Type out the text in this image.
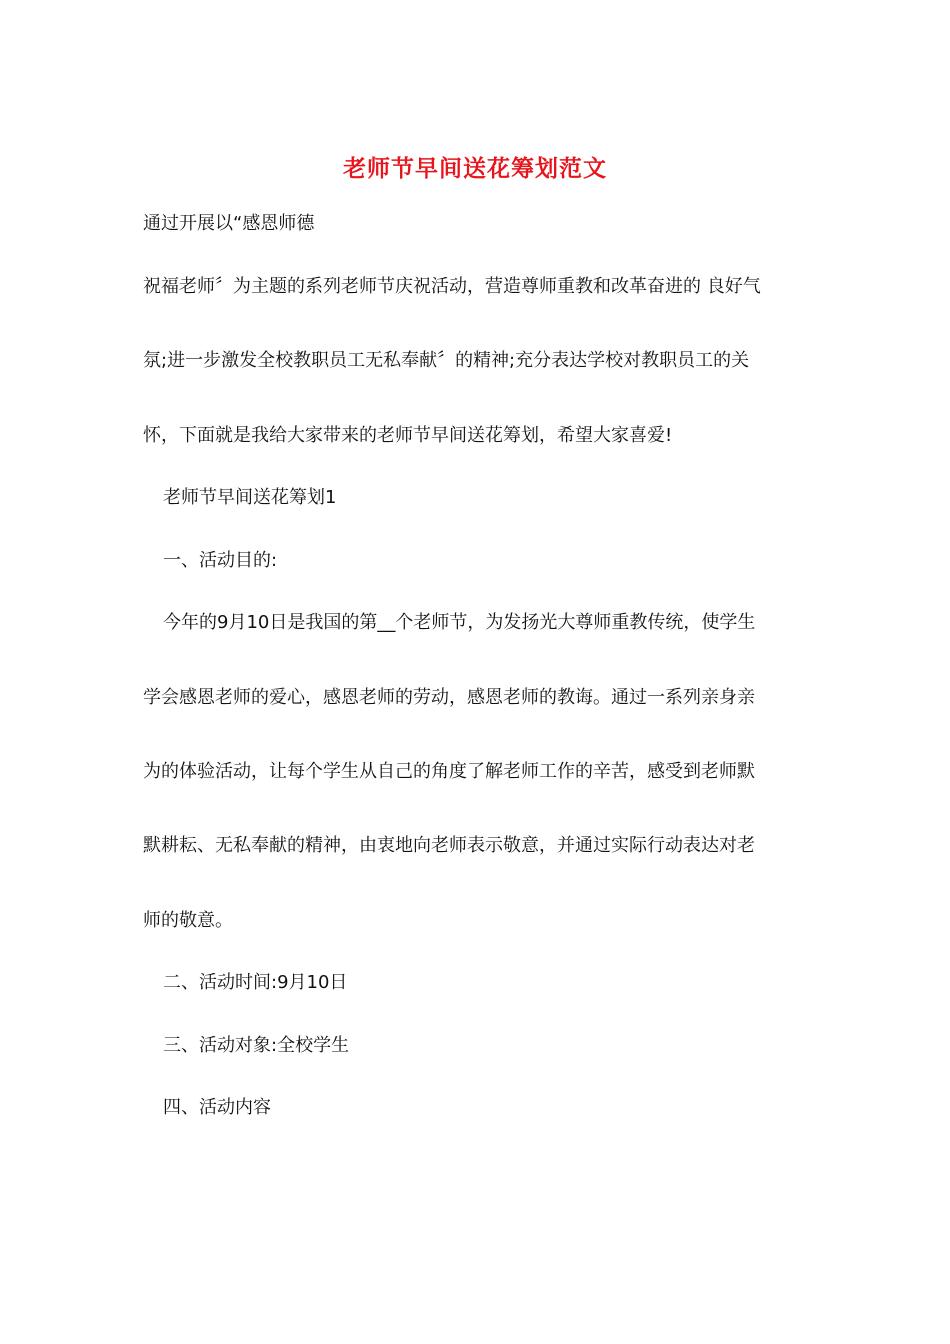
老师节早间送花筹划范文
通过开展以“感恩师德
祝福老师〞为主题的系列老师节庆祝活动，营造尊师重教和改革奋进的 良好气
氛;进一步激发全校教职员工无私奉献〞的精神;充分表达学校对教职员工的关
怀，下面就是我给大家带来的老师节早间送花筹划，希望大家喜爱!
老师节早间送花筹划1
一、活动目的:
今年的9月10日是我国的第__个老师节，为发扬光大尊师重教传统，使学生
学会感恩老师的爱心，感恩老师的劳动，感恩老师的教诲。通过一系列亲身亲
为的体验活动，让每个学生从自己的角度了解老师工作的辛苦，感受到老师默
默耕耘、无私奉献的精神，由衷地向老师表示敬意，并通过实际行动表达对老
师的敬意。
二、活动时间:9月10日
三、活动对象:全校学生
四、活动内容
